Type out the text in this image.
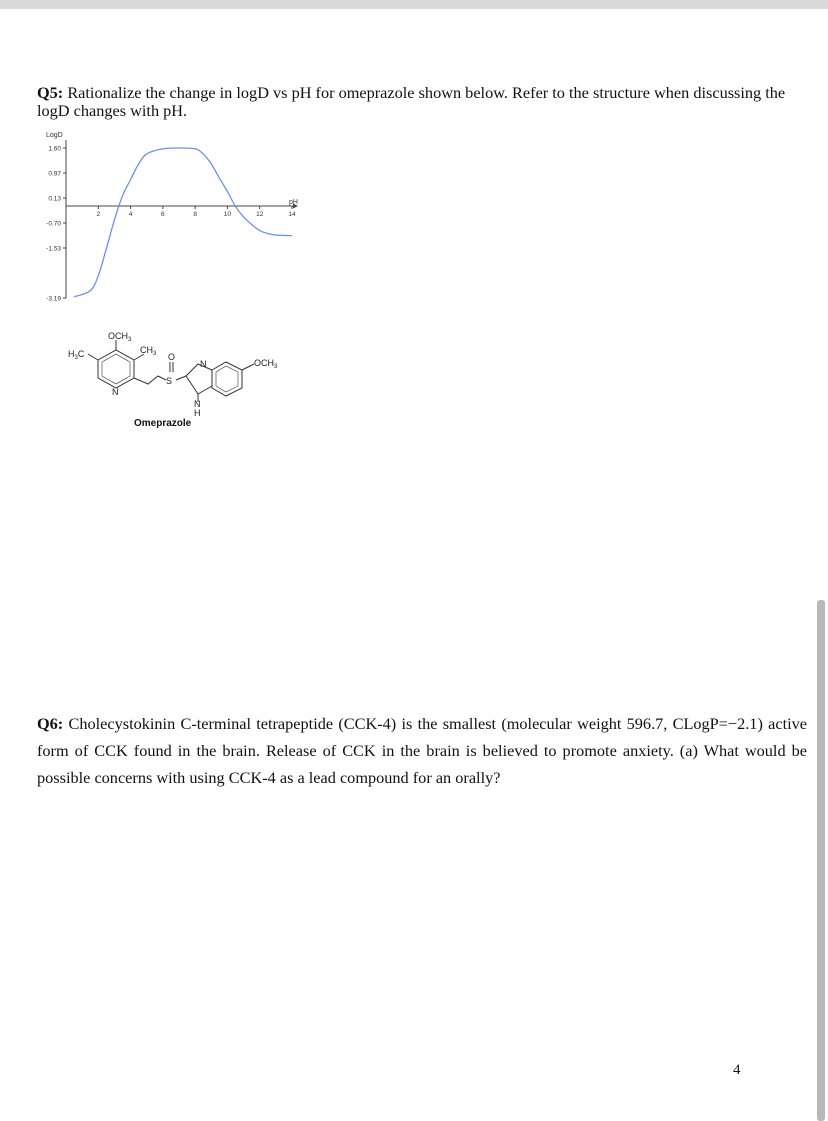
Q5: Rationalize the change in logD vs pH for omeprazole shown below. Refer to the structure when discussing the logD changes with pH.
1.60
0.97
0.13
-0.70
-1.53
-3.19
2	4	6	8	10	12	14
LogD
pH
$OCH_3$
$H_3C$	$CH_3$ O
S
N
N
N
H
$OCH_3$
Omeprazole
Q6: Cholecystokinin C-terminal tetrapeptide (CCK-4) is the smallest (molecular weight 596.7, CLogP=−2.1) active form of CCK found in the brain. Release of CCK in the brain is believed to promote anxiety. (a) What would be possible concerns with using CCK-4 as a lead compound for an orally?
4
